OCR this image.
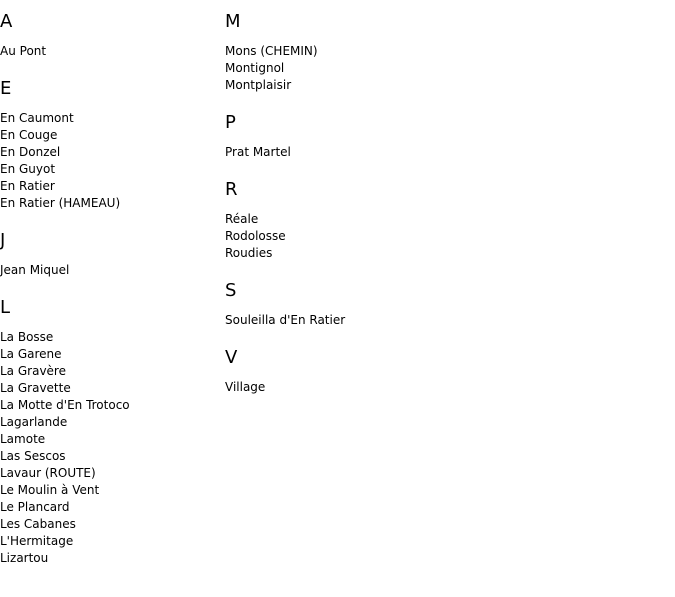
A
Au Pont
E
En Caumont
En Couge
En Donzel
En Guyot
En Ratier
En Ratier (HAMEAU)
J
Jean Miquel
L
La Bosse
La Garene
La Gravère
La Gravette
La Motte d'En Trotoco
Lagarlande
Lamote
Las Sescos
Lavaur (ROUTE)
Le Moulin à Vent
Le Plancard
Les Cabanes
L'Hermitage
Lizartou
M
Mons (CHEMIN)
Montignol
Montplaisir
P
Prat Martel
R
Réale
Rodolosse
Roudies
S
Souleilla d'En Ratier
V
Village
